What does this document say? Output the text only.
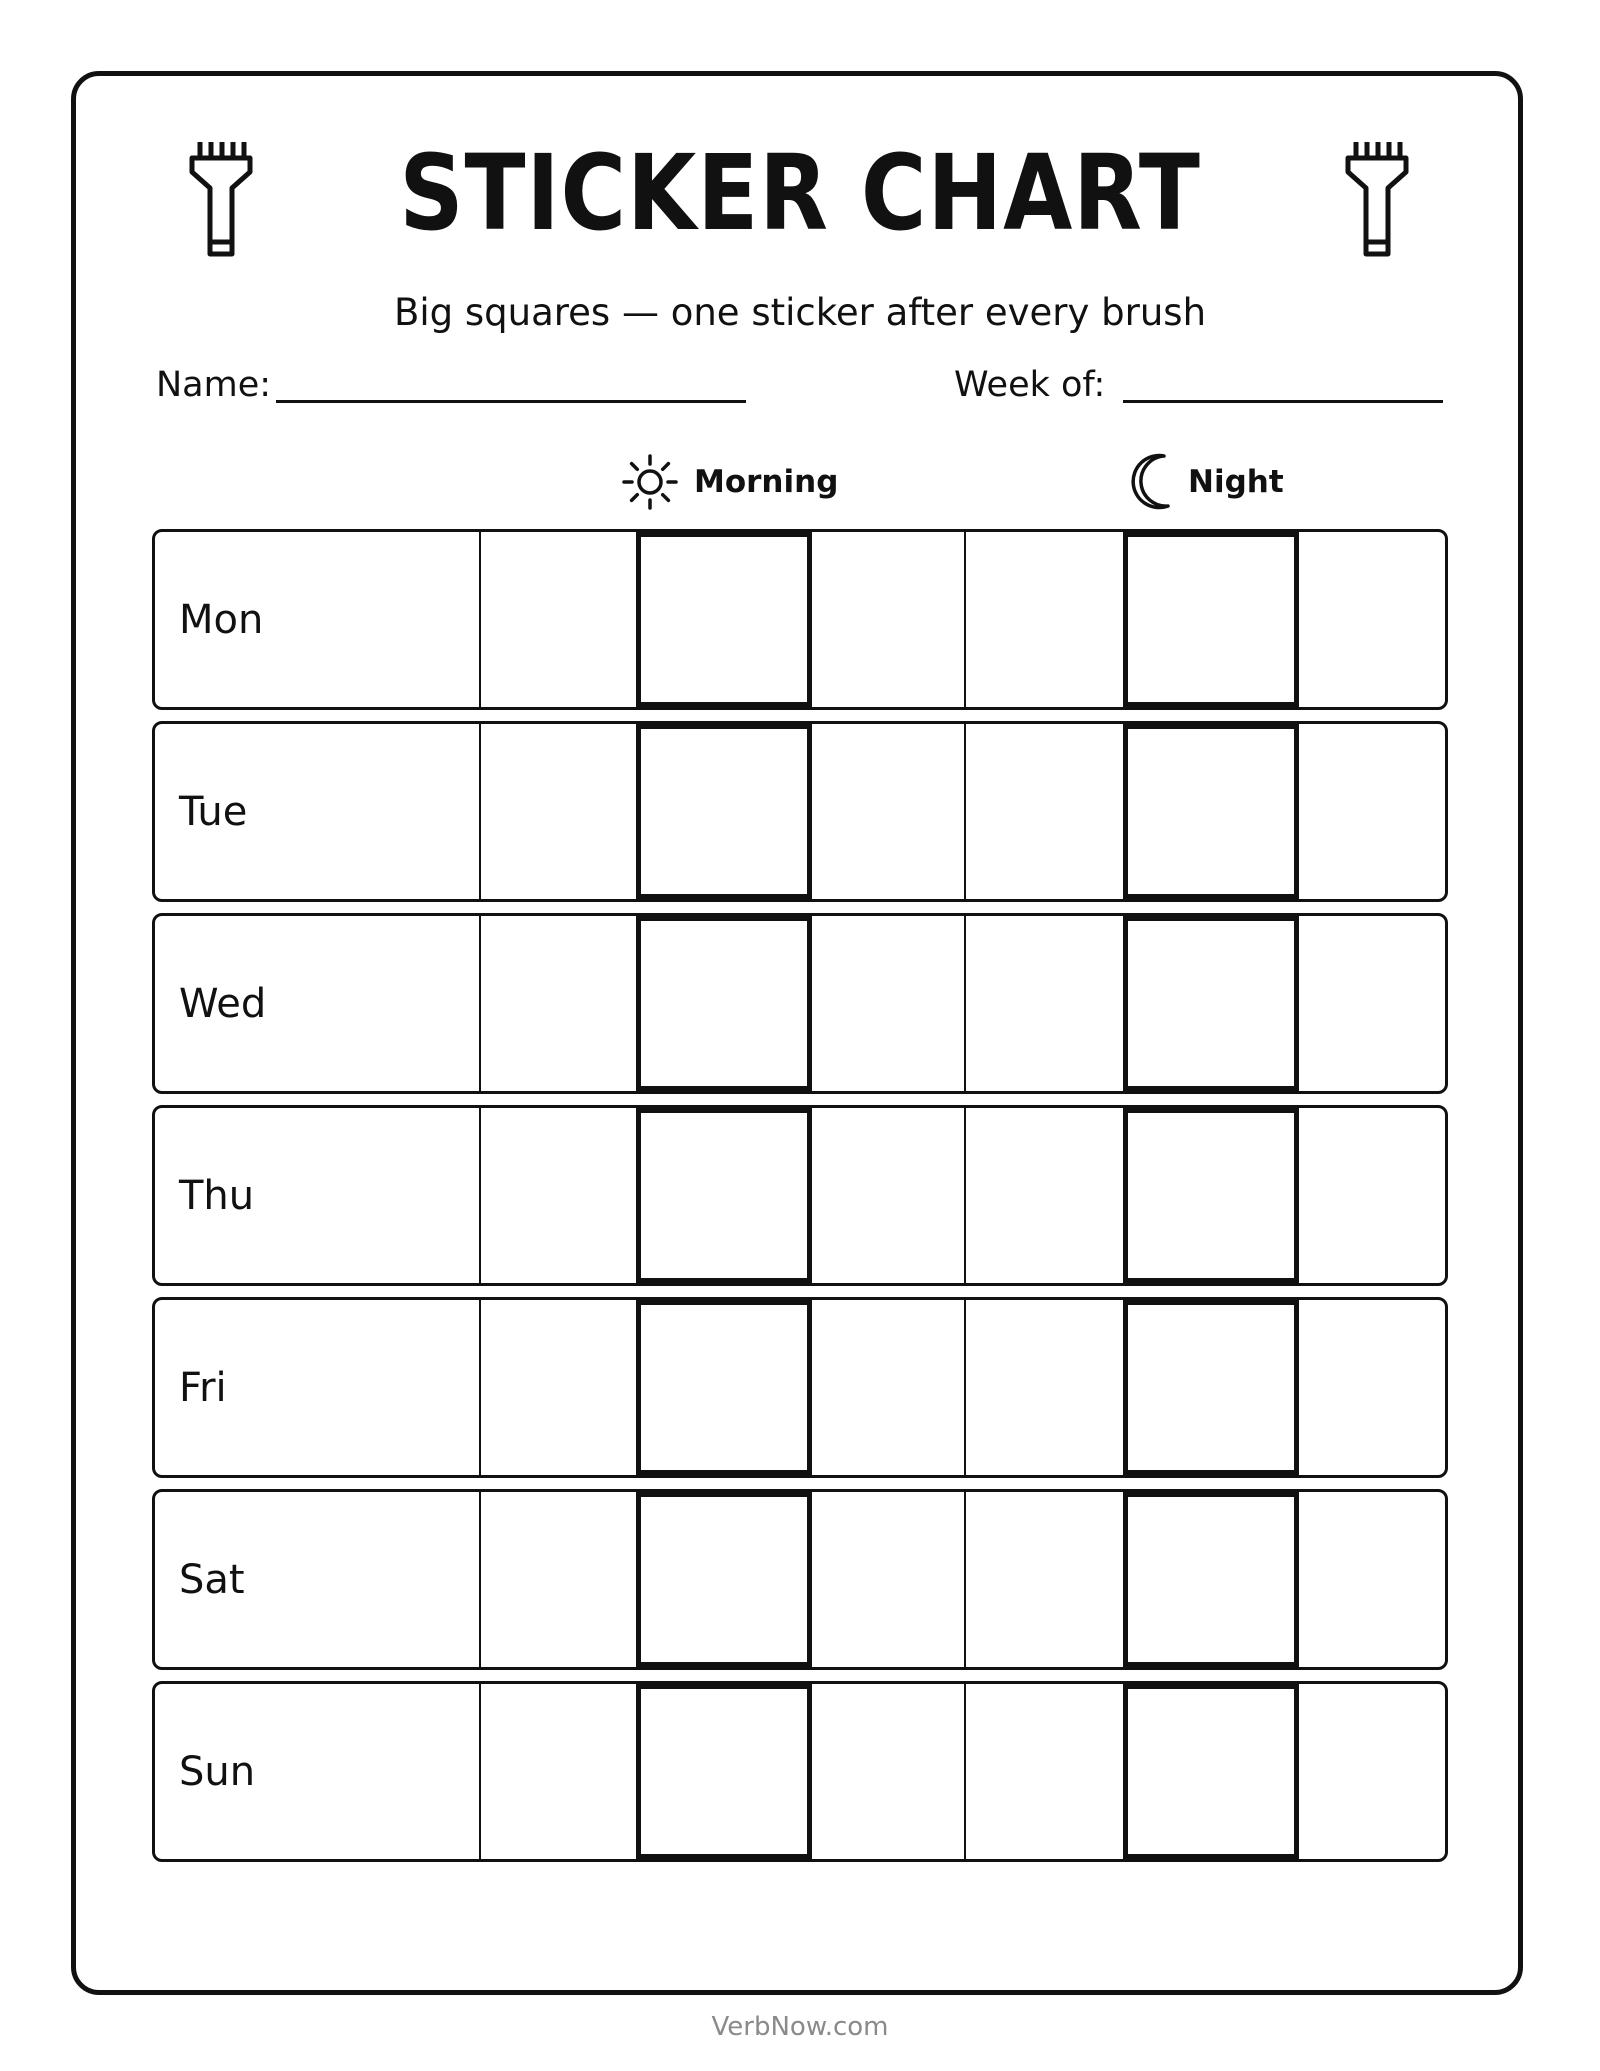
STICKER CHART
Big squares — one sticker after every brush
Name:	Week of:
Morning	Night
Mon
Tue
Wed
Thu
Fri
Sat
Sun
VerbNow.com
